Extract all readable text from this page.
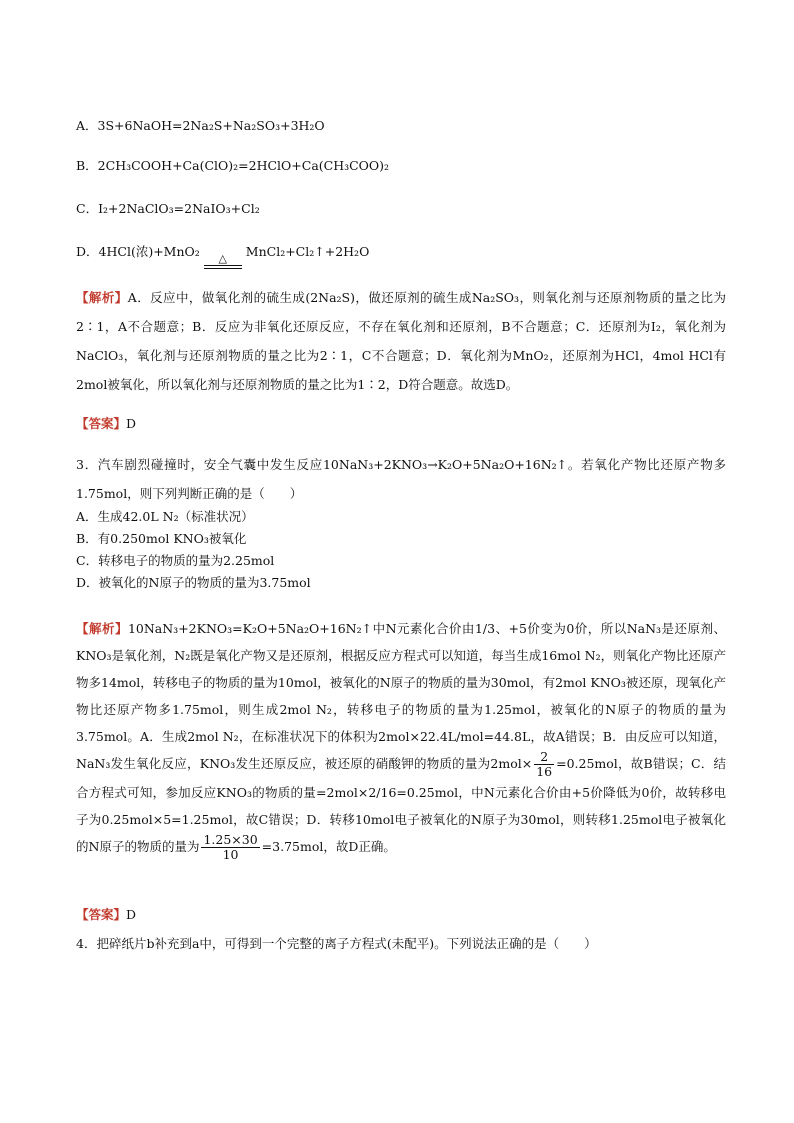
A．3S+6NaOH=2Na₂S+Na₂SO₃+3H₂O
B．2CH₃COOH+Ca(ClO)₂=2HClO+Ca(CH₃COO)₂
C．I₂+2NaClO₃=2NaIO₃+Cl₂
D．4HCl(浓)+MnO₂	△	MnCl₂+Cl₂↑+2H₂O
【解析】A．反应中，做氧化剂的硫生成(2Na₂S)，做还原剂的硫生成Na₂SO₃，则氧化剂与还原剂物质的量之比为2∶1，A不合题意；B．反应为非氧化还原反应，不存在氧化剂和还原剂，B不合题意；C．还原剂为I₂，氧化剂为NaClO₃，氧化剂与还原剂物质的量之比为2∶1，C不合题意；D．氧化剂为MnO₂，还原剂为HCl，4mol HCl有2mol被氧化，所以氧化剂与还原剂物质的量之比为1∶2，D符合题意。故选D。
【答案】D
3．汽车剧烈碰撞时，安全气囊中发生反应10NaN₃+2KNO₃→K₂O+5Na₂O+16N₂↑。若氧化产物比还原产物多1.75mol，则下列判断正确的是（　　）
A．生成42.0L N₂（标准状况）
B．有0.250mol KNO₃被氧化
C．转移电子的物质的量为2.25mol
D．被氧化的N原子的物质的量为3.75mol
【解析】10NaN₃+2KNO₃=K₂O+5Na₂O+16N₂↑中N元素化合价由1/3、+5价变为0价，所以NaN₃是还原剂、KNO₃是氧化剂，N₂既是氧化产物又是还原剂，根据反应方程式可以知道，每当生成16mol N₂，则氧化产物比还原产物多14mol，转移电子的物质的量为10mol，被氧化的N原子的物质的量为30mol，有2mol KNO₃被还原，现氧化产物比还原产物多1.75mol，则生成2mol N₂，转移电子的物质的量为1.25mol，被氧化的N原子的物质的量为3.75mol。A．生成2mol N₂，在标准状况下的体积为2mol×22.4L/mol=44.8L，故A错误；B．由反应可以知道，NaN₃发生氧化反应，KNO₃发生还原反应，被还原的硝酸钾的物质的量为$2mol\times \frac{2}{16} =0.25mol$，故B错误；C．结合方程式可知，参加反应KNO₃的物质的量=2mol×2/16=0.25mol，中N元素化合价由+5价降低为0价，故转移电子为0.25mol×5=1.25mol，故C错误；D．转移10mol电子被氧化的N原子为30mol，则转移1.25mol电子被氧化的N原子的物质的量为 $\frac{1.25\times 30}{10} =3.75mol$，故D正确。
【答案】D
4．把碎纸片b补充到a中，可得到一个完整的离子方程式(未配平)。下列说法正确的是（　　）
